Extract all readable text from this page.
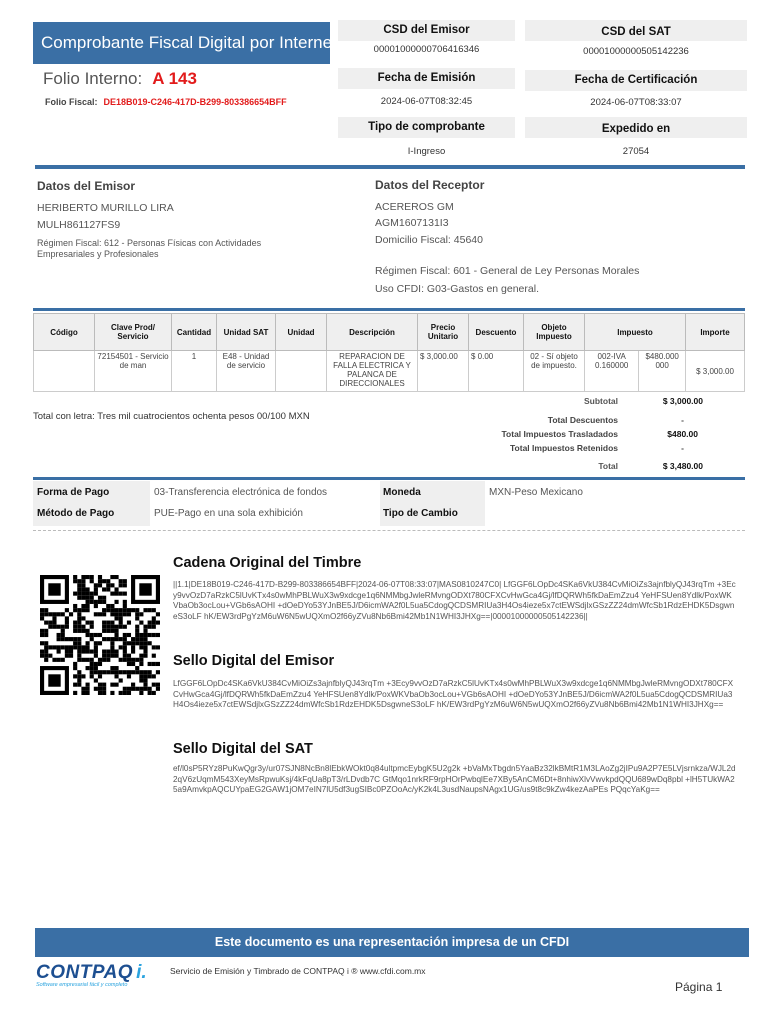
Comprobante Fiscal Digital por Internet
Folio Interno: A 143
Folio Fiscal: DE18B019-C246-417D-B299-803386654BFF
CSD del Emisor
00001000000706416346
CSD del SAT
00001000000505142236
Fecha de Emisión
2024-06-07T08:32:45
Fecha de Certificación
2024-06-07T08:33:07
Tipo de comprobante
I-Ingreso
Expedido en
27054
Datos del Emisor
HERIBERTO MURILLO LIRA
MULH861127FS9
Régimen Fiscal: 612 - Personas Físicas con Actividades Empresariales y Profesionales
Datos del Receptor
ACEREROS GM
AGM1607131I3
Domicilio Fiscal: 45640
Régimen Fiscal: 601 - General de Ley Personas Morales
Uso CFDI: G03-Gastos en general.
Código	Clave Prod/ Servicio	Cantidad	Unidad SAT	Unidad	Descripción	Precio Unitario	Descuento	Objeto Impuesto	Impuesto		Importe
	72154501 - Servicio de man	1	E48 - Unidad de servicio		REPARACION DE FALLA ELECTRICA Y PALANCA DE DIRECCIONALES	$ 3,000.00	$ 0.00	02 - Sí objeto de impuesto.	002-IVA 0.160000	$480.000 000	$ 3,000.00
Subtotal	$ 3,000.00
Total con letra: Tres mil cuatrocientos ochenta pesos 00/100 MXN	Total Descuentos	-
Total Impuestos Trasladados	$480.00
Total Impuestos Retenidos	-
Total	$ 3,480.00
Forma de Pago	03-Transferencia electrónica de fondos	Moneda	MXN-Peso Mexicano
Método de Pago	PUE-Pago en una sola exhibición	Tipo de Cambio
Cadena Original del Timbre
||1.1|DE18B019-C246-417D-B299-803386654BFF|2024-06-07T08:33:07|MAS0810247C0| LfGGF6LOpDc4SKa6VkU384CvMiOiZs3ajnfblyQJ43rqTm +3Ecy9vvOzD7aRzkC5lUvKTx4s0wMhPBLWuX3w9xdcge1q6NMMbgJwleRMvngODXt780CFXCvHwGca4Gj/lfDQRWh5fkDaEmZzu4 YeHFSUen8Ydlk/PoxWKVbaOb3ocLou+VGb6sAOHI +dOeDYo53YJnBE5J/D6icmWA2f0L5ua5CdogQCDSMRIUa3H4Os4ieze5x7ctEWSdjlxGSzZZ24dmWfcSb1RdzEHDK5DsgwneS3oLF hK/EW3rdPgYzM6uW6N5wUQXmO2f66yZVu8Nb6Bmi42Mb1N1WHI3JHXg==|00001000000505142236||
Sello Digital del Emisor
LfGGF6LOpDc4SKa6VkU384CvMiOiZs3ajnfblyQJ43rqTm +3Ecy9vvOzD7aRzkC5lUvKTx4s0wMhPBLWuX3w9xdcge1q6NMMbgJwleRMvngODXt780CFXCvHwGca4Gj/lfDQRWh5fkDaEmZzu4 YeHFSUen8Ydlk/PoxWKVbaOb3ocLou+VGb6sAOHI +dOeDYo53YJnBE5J/D6icmWA2f0L5ua5CdogQCDSMRIUa3H4Os4ieze5x7ctEWSdjlxGSzZZ24dmWfcSb1RdzEHDK5DsgwneS3oLF hK/EW3rdPgYzM6uW6N5wUQXmO2f66yZVu8Nb6Bmi42Mb1N1WHI3JHXg==
Sello Digital del SAT
ef/l0sP5RYz8PuKwQgr3y/ur07SJN8NcBn8lEbkWOkt0q84ultpmcEybgK5U2g2k +bVaMxTbgdn5YaaBz32lkBMtR1M3LAoZg2jIPu9A2P7E5LVjsrnkza/WJL2d2qV6zUqmM543XeyMsRpwuKsj/4kFqUa8pT3/rLDvdb7C GtMqo1nrkRF9rpHOrPwbqlEe7XBy5AnCM6Dt+8nhiwXlvVwvkpdQQU689wDq8pbl +lH5TUkWA25a9AmvkpAQCUYpaEG2GAW1jOM7eIN7lU5df3ugSIBc0PZOoAc/yK2k4L3usdNaupsNAgx1UG/us9t8c9kZw4kezAaPEs PQqcYaKg==
Este documento es una representación impresa de un CFDI
CONTPAQ i.
Software empresarial fácil y completo
Servicio de Emisión y Timbrado de CONTPAQ i ® www.cfdi.com.mx
Página 1
